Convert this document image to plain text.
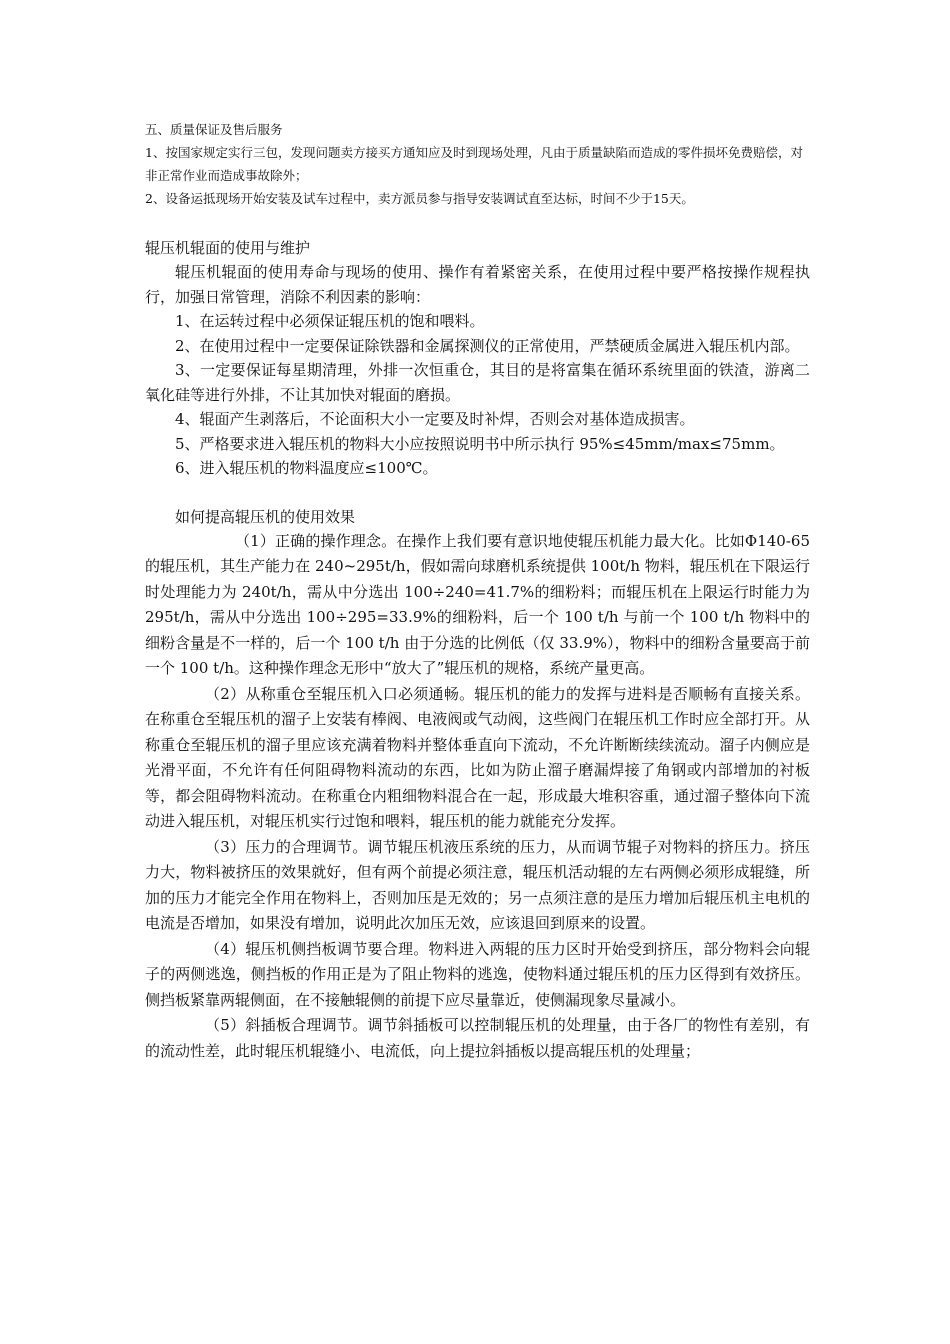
五、质量保证及售后服务

1、按国家规定实行三包，发现问题卖方接买方通知应及时到现场处理，凡由于质量缺陷而造成的零件损坏免费赔偿，对非正常作业而造成事故除外；

2、设备运抵现场开始安装及试车过程中，卖方派员参与指导安装调试直至达标，时间不少于15天。

辊压机辊面的使用与维护

辊压机辊面的使用寿命与现场的使用、操作有着紧密关系，在使用过程中要严格按操作规程执行，加强日常管理，消除不利因素的影响：

1、在运转过程中必须保证辊压机的饱和喂料。

2、在使用过程中一定要保证除铁器和金属探测仪的正常使用，严禁硬质金属进入辊压机内部。

3、一定要保证每星期清理，外排一次恒重仓，其目的是将富集在循环系统里面的铁渣，游离二氧化硅等进行外排，不让其加快对辊面的磨损。

4、辊面产生剥落后，不论面积大小一定要及时补焊，否则会对基体造成损害。

5、严格要求进入辊压机的物料大小应按照说明书中所示执行 95%≤45mm/max≤75mm。

6、进入辊压机的物料温度应≤100℃。

如何提高辊压机的使用效果

（1）正确的操作理念。在操作上我们要有意识地使辊压机能力最大化。比如Φ140-65 的辊压机，其生产能力在 240~295t/h，假如需向球磨机系统提供 100t/h 物料，辊压机在下限运行时处理能力为 240t/h，需从中分选出 100÷240=41.7%的细粉料；而辊压机在上限运行时能力为 295t/h，需从中分选出 100÷295=33.9%的细粉料，后一个 100 t/h 与前一个 100 t/h 物料中的细粉含量是不一样的，后一个 100 t/h 由于分选的比例低（仅 33.9%），物料中的细粉含量要高于前一个 100 t/h。这种操作理念无形中“放大了”辊压机的规格，系统产量更高。

（2）从称重仓至辊压机入口必须通畅。辊压机的能力的发挥与进料是否顺畅有直接关系。在称重仓至辊压机的溜子上安装有棒阀、电液阀或气动阀，这些阀门在辊压机工作时应全部打开。从称重仓至辊压机的溜子里应该充满着物料并整体垂直向下流动，不允许断断续续流动。溜子内侧应是光滑平面，不允许有任何阻碍物料流动的东西，比如为防止溜子磨漏焊接了角钢或内部增加的衬板等，都会阻碍物料流动。在称重仓内粗细物料混合在一起，形成最大堆积容重，通过溜子整体向下流动进入辊压机，对辊压机实行过饱和喂料，辊压机的能力就能充分发挥。

（3）压力的合理调节。调节辊压机液压系统的压力，从而调节辊子对物料的挤压力。挤压力大，物料被挤压的效果就好，但有两个前提必须注意，辊压机活动辊的左右两侧必须形成辊缝，所加的压力才能完全作用在物料上，否则加压是无效的；另一点须注意的是压力增加后辊压机主电机的电流是否增加，如果没有增加，说明此次加压无效，应该退回到原来的设置。

（4）辊压机侧挡板调节要合理。物料进入两辊的压力区时开始受到挤压，部分物料会向辊子的两侧逃逸，侧挡板的作用正是为了阻止物料的逃逸，使物料通过辊压机的压力区得到有效挤压。侧挡板紧靠两辊侧面，在不接触辊侧的前提下应尽量靠近，使侧漏现象尽量减小。

（5）斜插板合理调节。调节斜插板可以控制辊压机的处理量，由于各厂的物性有差别，有的流动性差，此时辊压机辊缝小、电流低，向上提拉斜插板以提高辊压机的处理量；
